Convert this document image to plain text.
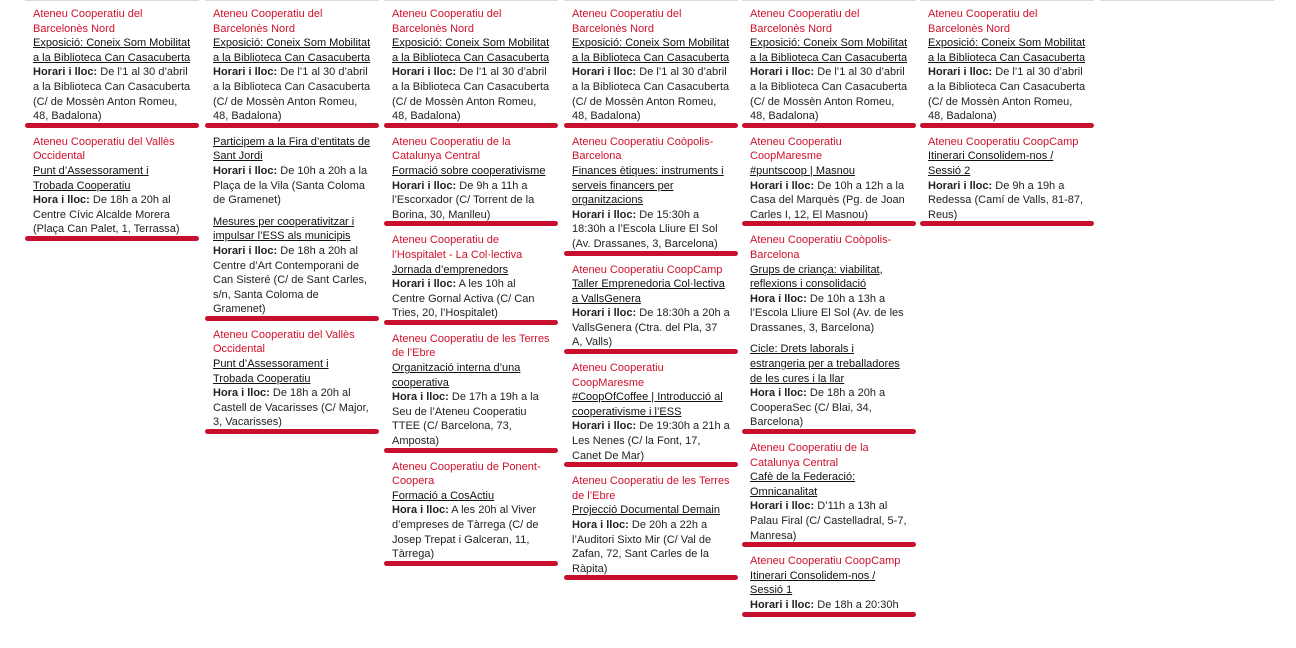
Ateneu Cooperatiu del Barcelonès Nord
Exposició: Coneix Som Mobilitat a la Biblioteca Can Casacuberta
Horari i lloc: De l’1 al 30 d’abril a la Biblioteca Can Casacuberta (C/ de Mossèn Anton Romeu, 48, Badalona)
Ateneu Cooperatiu del Vallès Occidental
Punt d’Assessorament i Trobada Cooperatiu
Hora i lloc: De 18h a 20h al Centre Cívic Alcalde Morera (Plaça Can Palet, 1, Terrassa)
Ateneu Cooperatiu del Barcelonès Nord
Exposició: Coneix Som Mobilitat a la Biblioteca Can Casacuberta
Horari i lloc: De l’1 al 30 d’abril a la Biblioteca Can Casacuberta (C/ de Mossèn Anton Romeu, 48, Badalona)
Participem a la Fira d’entitats de Sant Jordi
Horari i lloc: De 10h a 20h a la Plaça de la Vila (Santa Coloma de Gramenet)
Mesures per cooperativitzar i impulsar l’ESS als municipis
Horari i lloc: De 18h a 20h al Centre d’Art Contemporani de Can Sisteré (C/ de Sant Carles, s/n, Santa Coloma de Gramenet)
Ateneu Cooperatiu del Vallès Occidental
Punt d’Assessorament i Trobada Cooperatiu
Hora i lloc: De 18h a 20h al Castell de Vacarisses (C/ Major, 3, Vacarisses)
Ateneu Cooperatiu del Barcelonès Nord
Exposició: Coneix Som Mobilitat a la Biblioteca Can Casacuberta
Horari i lloc: De l’1 al 30 d’abril a la Biblioteca Can Casacuberta (C/ de Mossèn Anton Romeu, 48, Badalona)
Ateneu Cooperatiu de la Catalunya Central
Formació sobre cooperativisme
Horari i lloc: De 9h a 11h a l’Escorxador (C/ Torrent de la Borina, 30, Manlleu)
Ateneu Cooperatiu de l’Hospitalet - La Col·lectiva
Jornada d’emprenedors
Horari i lloc: A les 10h al Centre Gornal Activa (C/ Can Tries, 20, l’Hospitalet)
Ateneu Cooperatiu de les Terres de l’Ebre
Organització interna d’una cooperativa
Hora i lloc: De 17h a 19h a la Seu de l’Ateneu Cooperatiu TTEE (C/ Barcelona, 73, Amposta)
Ateneu Cooperatiu de Ponent-Coopera
Formació a CosActiu
Hora i lloc: A les 20h al Viver d’empreses de Tàrrega (C/ de Josep Trepat i Galceran, 11, Tàrrega)
Ateneu Cooperatiu del Barcelonès Nord
Exposició: Coneix Som Mobilitat a la Biblioteca Can Casacuberta
Horari i lloc: De l’1 al 30 d’abril a la Biblioteca Can Casacuberta (C/ de Mossèn Anton Romeu, 48, Badalona)
Ateneu Cooperatiu Coòpolis-Barcelona
Finances ètiques: instruments i serveis financers per organitzacions
Horari i lloc: De 15:30h a 18:30h a l’Escola Lliure El Sol (Av. Drassanes, 3, Barcelona)
Ateneu Cooperatiu CoopCamp
Taller Emprenedoria Col·lectiva a VallsGenera
Horari i lloc: De 18:30h a 20h a VallsGenera (Ctra. del Pla, 37 A, Valls)
Ateneu Cooperatiu CoopMaresme
#CoopOfCoffee | Introducció al cooperativisme i l’ESS
Horari i lloc: De 19:30h a 21h a Les Nenes (C/ la Font, 17, Canet De Mar)
Ateneu Cooperatiu de les Terres de l’Ebre
Projecció Documental Demain
Hora i lloc: De 20h a 22h a l’Auditori Sixto Mir (C/ Val de Zafan, 72, Sant Carles de la Ràpita)
Ateneu Cooperatiu del Barcelonès Nord
Exposició: Coneix Som Mobilitat a la Biblioteca Can Casacuberta
Horari i lloc: De l’1 al 30 d’abril a la Biblioteca Can Casacuberta (C/ de Mossèn Anton Romeu, 48, Badalona)
Ateneu Cooperatiu CoopMaresme
#puntscoop | Masnou
Horari i lloc: De 10h a 12h a la Casa del Marquès (Pg. de Joan Carles I, 12, El Masnou)
Ateneu Cooperatiu Coòpolis-Barcelona
Grups de criança: viabilitat, reflexions i consolidació
Hora i lloc: De 10h a 13h a l’Escola Lliure El Sol (Av. de les Drassanes, 3, Barcelona)
Cicle: Drets laborals i estrangeria per a treballadores de les cures i la llar
Hora i lloc: De 18h a 20h a CooperaSec (C/ Blai, 34, Barcelona)
Ateneu Cooperatiu de la Catalunya Central
Cafè de la Federació: Omnicanalitat
Horari i lloc: D’11h a 13h al Palau Firal (C/ Castelladral, 5-7, Manresa)
Ateneu Cooperatiu CoopCamp
Itinerari Consolidem-nos / Sessió 1
Horari i lloc: De 18h a 20:30h
Ateneu Cooperatiu del Barcelonès Nord
Exposició: Coneix Som Mobilitat a la Biblioteca Can Casacuberta
Horari i lloc: De l’1 al 30 d’abril a la Biblioteca Can Casacuberta (C/ de Mossèn Anton Romeu, 48, Badalona)
Ateneu Cooperatiu CoopCamp
Itinerari Consolidem-nos / Sessió 2
Horari i lloc: De 9h a 19h a Redessa (Camí de Valls, 81-87, Reus)
